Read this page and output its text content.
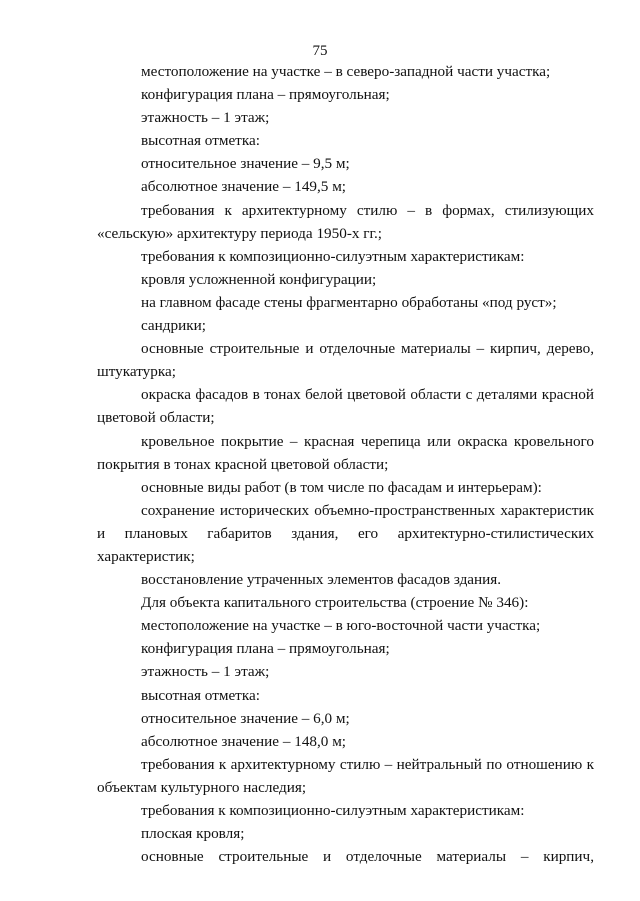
75

местоположение на участке – в северо-западной части участка;

конфигурация плана – прямоугольная;

этажность – 1 этаж;

высотная отметка:

относительное значение – 9,5 м;

абсолютное значение – 149,5 м;

требования к архитектурному стилю – в формах, стилизующих «сельскую» архитектуру периода 1950-х гг.;

требования к композиционно-силуэтным характеристикам:

кровля усложненной конфигурации;

на главном фасаде стены фрагментарно обработаны «под руст»;

сандрики;

основные строительные и отделочные материалы – кирпич, дерево, штукатурка;

окраска фасадов в тонах белой цветовой области с деталями красной цветовой области;

кровельное покрытие – красная черепица или окраска кровельного покрытия в тонах красной цветовой области;

основные виды работ (в том числе по фасадам и интерьерам):

сохранение исторических объемно-пространственных характеристик и плановых габаритов здания, его архитектурно-стилистических характеристик;

восстановление утраченных элементов фасадов здания.

Для объекта капитального строительства (строение № 346):

местоположение на участке – в юго-восточной части участка;

конфигурация плана – прямоугольная;

этажность – 1 этаж;

высотная отметка:

относительное значение – 6,0 м;

абсолютное значение – 148,0 м;

требования к архитектурному стилю – нейтральный по отношению к объектам культурного наследия;

требования к композиционно-силуэтным характеристикам:

плоская кровля;

основные строительные и отделочные материалы – кирпич,
